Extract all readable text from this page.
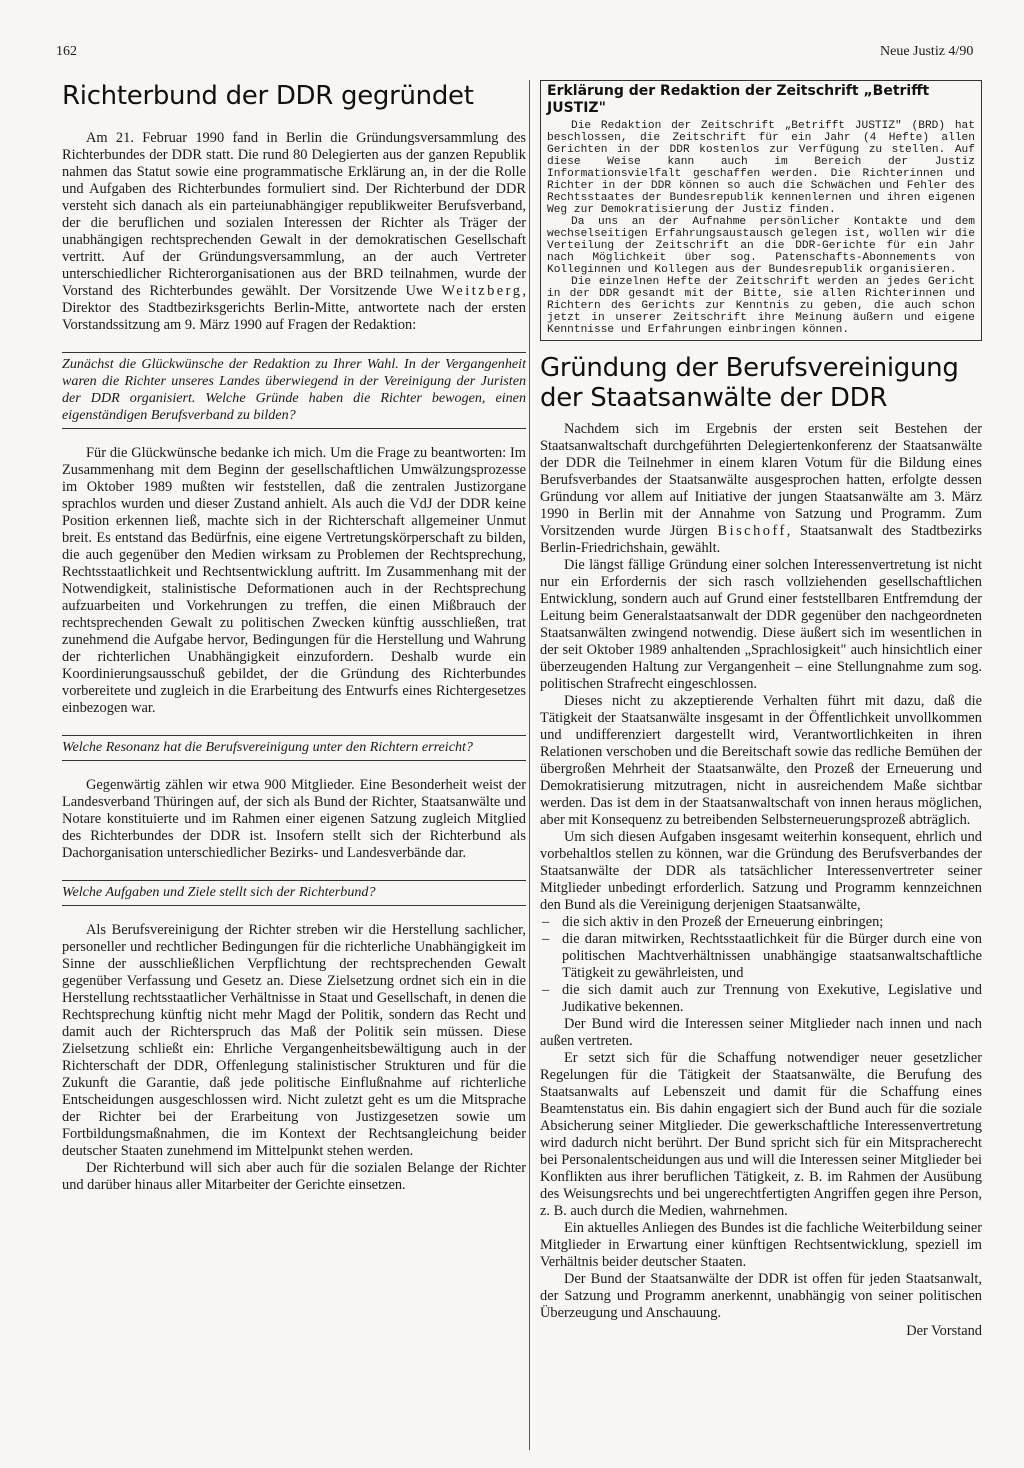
162	Neue Justiz 4/90
Richterbund der DDR gegründet

Am 21. Februar 1990 fand in Berlin die Gründungsversammlung des Richterbundes der DDR statt. Die rund 80 Delegierten aus der ganzen Republik nahmen das Statut sowie eine programmatische Erklärung an, in der die Rolle und Aufgaben des Richterbundes formuliert sind. Der Richterbund der DDR versteht sich danach als ein parteiunabhängiger republikweiter Berufsverband, der die beruflichen und sozialen Interessen der Richter als Träger der unabhängigen rechtsprechenden Gewalt in der demokratischen Gesellschaft vertritt. Auf der Gründungsversammlung, an der auch Vertreter unterschiedlicher Richterorganisationen aus der BRD teilnahmen, wurde der Vorstand des Richterbundes gewählt. Der Vorsitzende Uwe Weitzberg, Direktor des Stadtbezirksgerichts Berlin-Mitte, antwortete nach der ersten Vorstandssitzung am 9. März 1990 auf Fragen der Redaktion:

Zunächst die Glückwünsche der Redaktion zu Ihrer Wahl. In der Vergangenheit waren die Richter unseres Landes überwiegend in der Vereinigung der Juristen der DDR organisiert. Welche Gründe haben die Richter bewogen, einen eigenständigen Berufsverband zu bilden?

Für die Glückwünsche bedanke ich mich. Um die Frage zu beantworten: Im Zusammenhang mit dem Beginn der gesellschaftlichen Umwälzungsprozesse im Oktober 1989 mußten wir feststellen, daß die zentralen Justizorgane sprachlos wurden und dieser Zustand anhielt. Als auch die VdJ der DDR keine Position erkennen ließ, machte sich in der Richterschaft allgemeiner Unmut breit. Es entstand das Bedürfnis, eine eigene Vertretungskörperschaft zu bilden, die auch gegenüber den Medien wirksam zu Problemen der Rechtsprechung, Rechtsstaatlichkeit und Rechtsentwicklung auftritt. Im Zusammenhang mit der Notwendigkeit, stalinistische Deformationen auch in der Rechtsprechung aufzuarbeiten und Vorkehrungen zu treffen, die einen Mißbrauch der rechtsprechenden Gewalt zu politischen Zwecken künftig ausschließen, trat zunehmend die Aufgabe hervor, Bedingungen für die Herstellung und Wahrung der richterlichen Unabhängigkeit einzufordern. Deshalb wurde ein Koordinierungsausschuß gebildet, der die Gründung des Richterbundes vorbereitete und zugleich in die Erarbeitung des Entwurfs eines Richtergesetzes einbezogen war.

Welche Resonanz hat die Berufsvereinigung unter den Richtern erreicht?

Gegenwärtig zählen wir etwa 900 Mitglieder. Eine Besonderheit weist der Landesverband Thüringen auf, der sich als Bund der Richter, Staatsanwälte und Notare konstituierte und im Rahmen einer eigenen Satzung zugleich Mitglied des Richterbundes der DDR ist. Insofern stellt sich der Richterbund als Dachorganisation unterschiedlicher Bezirks- und Landesverbände dar.

Welche Aufgaben und Ziele stellt sich der Richterbund?

Als Berufsvereinigung der Richter streben wir die Herstellung sachlicher, personeller und rechtlicher Bedingungen für die richterliche Unabhängigkeit im Sinne der ausschließlichen Verpflichtung der rechtsprechenden Gewalt gegenüber Verfassung und Gesetz an. Diese Zielsetzung ordnet sich ein in die Herstellung rechtsstaatlicher Verhältnisse in Staat und Gesellschaft, in denen die Rechtsprechung künftig nicht mehr Magd der Politik, sondern das Recht und damit auch der Richterspruch das Maß der Politik sein müssen. Diese Zielsetzung schließt ein: Ehrliche Vergangenheitsbewältigung auch in der Richterschaft der DDR, Offenlegung stalinistischer Strukturen und für die Zukunft die Garantie, daß jede politische Einflußnahme auf richterliche Entscheidungen ausgeschlossen wird. Nicht zuletzt geht es um die Mitsprache der Richter bei der Erarbeitung von Justizgesetzen sowie um Fortbildungsmaßnahmen, die im Kontext der Rechtsangleichung beider deutscher Staaten zunehmend im Mittelpunkt stehen werden.

Der Richterbund will sich aber auch für die sozialen Belange der Richter und darüber hinaus aller Mitarbeiter der Gerichte einsetzen.

Erklärung der Redaktion der Zeitschrift „Betrifft JUSTIZ"

Die Redaktion der Zeitschrift „Betrifft JUSTIZ" (BRD) hat beschlossen, die Zeitschrift für ein Jahr (4 Hefte) allen Gerichten in der DDR kostenlos zur Verfügung zu stellen. Auf diese Weise kann auch im Bereich der Justiz Informationsvielfalt geschaffen werden. Die Richterinnen und Richter in der DDR können so auch die Schwächen und Fehler des Rechtsstaates der Bundesrepublik kennenlernen und ihren eigenen Weg zur Demokratisierung der Justiz finden.

Da uns an der Aufnahme persönlicher Kontakte und dem wechselseitigen Erfahrungsaustausch gelegen ist, wollen wir die Verteilung der Zeitschrift an die DDR-Gerichte für ein Jahr nach Möglichkeit über sog. Patenschafts-Abonnements von Kolleginnen und Kollegen aus der Bundesrepublik organisieren.

Die einzelnen Hefte der Zeitschrift werden an jedes Gericht in der DDR gesandt mit der Bitte, sie allen Richterinnen und Richtern des Gerichts zur Kenntnis zu geben, die auch schon jetzt in unserer Zeitschrift ihre Meinung äußern und eigene Kenntnisse und Erfahrungen einbringen können.

Gründung der Berufsvereinigung der Staatsanwälte der DDR

Nachdem sich im Ergebnis der ersten seit Bestehen der Staatsanwaltschaft durchgeführten Delegiertenkonferenz der Staatsanwälte der DDR die Teilnehmer in einem klaren Votum für die Bildung eines Berufsverbandes der Staatsanwälte ausgesprochen hatten, erfolgte dessen Gründung vor allem auf Initiative der jungen Staatsanwälte am 3. März 1990 in Berlin mit der Annahme von Satzung und Programm. Zum Vorsitzenden wurde Jürgen Bischoff, Staatsanwalt des Stadtbezirks Berlin-Friedrichshain, gewählt.

Die längst fällige Gründung einer solchen Interessenvertretung ist nicht nur ein Erfordernis der sich rasch vollziehenden gesellschaftlichen Entwicklung, sondern auch auf Grund einer feststellbaren Entfremdung der Leitung beim Generalstaatsanwalt der DDR gegenüber den nachgeordneten Staatsanwälten zwingend notwendig. Diese äußert sich im wesentlichen in der seit Oktober 1989 anhaltenden „Sprachlosigkeit" auch hinsichtlich einer überzeugenden Haltung zur Vergangenheit – eine Stellungnahme zum sog. politischen Strafrecht eingeschlossen.

Dieses nicht zu akzeptierende Verhalten führt mit dazu, daß die Tätigkeit der Staatsanwälte insgesamt in der Öffentlichkeit unvollkommen und undifferenziert dargestellt wird, Verantwortlichkeiten in ihren Relationen verschoben und die Bereitschaft sowie das redliche Bemühen der übergroßen Mehrheit der Staatsanwälte, den Prozeß der Erneuerung und Demokratisierung mitzutragen, nicht in ausreichendem Maße sichtbar werden. Das ist dem in der Staatsanwaltschaft von innen heraus möglichen, aber mit Konsequenz zu betreibenden Selbsterneuerungsprozeß abträglich.

Um sich diesen Aufgaben insgesamt weiterhin konsequent, ehrlich und vorbehaltlos stellen zu können, war die Gründung des Berufsverbandes der Staatsanwälte der DDR als tatsächlicher Interessenvertreter seiner Mitglieder unbedingt erforderlich. Satzung und Programm kennzeichnen den Bund als die Vereinigung derjenigen Staatsanwälte,

– die sich aktiv in den Prozeß der Erneuerung einbringen;
– die daran mitwirken, Rechtsstaatlichkeit für die Bürger durch eine von politischen Machtverhältnissen unabhängige staatsanwaltschaftliche Tätigkeit zu gewährleisten, und
– die sich damit auch zur Trennung von Exekutive, Legislative und Judikative bekennen.

Der Bund wird die Interessen seiner Mitglieder nach innen und nach außen vertreten.

Er setzt sich für die Schaffung notwendiger neuer gesetzlicher Regelungen für die Tätigkeit der Staatsanwälte, die Berufung des Staatsanwalts auf Lebenszeit und damit für die Schaffung eines Beamtenstatus ein. Bis dahin engagiert sich der Bund auch für die soziale Absicherung seiner Mitglieder. Die gewerkschaftliche Interessenvertretung wird dadurch nicht berührt. Der Bund spricht sich für ein Mitspracherecht bei Personalentscheidungen aus und will die Interessen seiner Mitglieder bei Konflikten aus ihrer beruflichen Tätigkeit, z. B. im Rahmen der Ausübung des Weisungsrechts und bei ungerechtfertigten Angriffen gegen ihre Person, z. B. auch durch die Medien, wahrnehmen.

Ein aktuelles Anliegen des Bundes ist die fachliche Weiterbildung seiner Mitglieder in Erwartung einer künftigen Rechtsentwicklung, speziell im Verhältnis beider deutscher Staaten.

Der Bund der Staatsanwälte der DDR ist offen für jeden Staatsanwalt, der Satzung und Programm anerkennt, unabhängig von seiner politischen Überzeugung und Anschauung.

Der Vorstand
